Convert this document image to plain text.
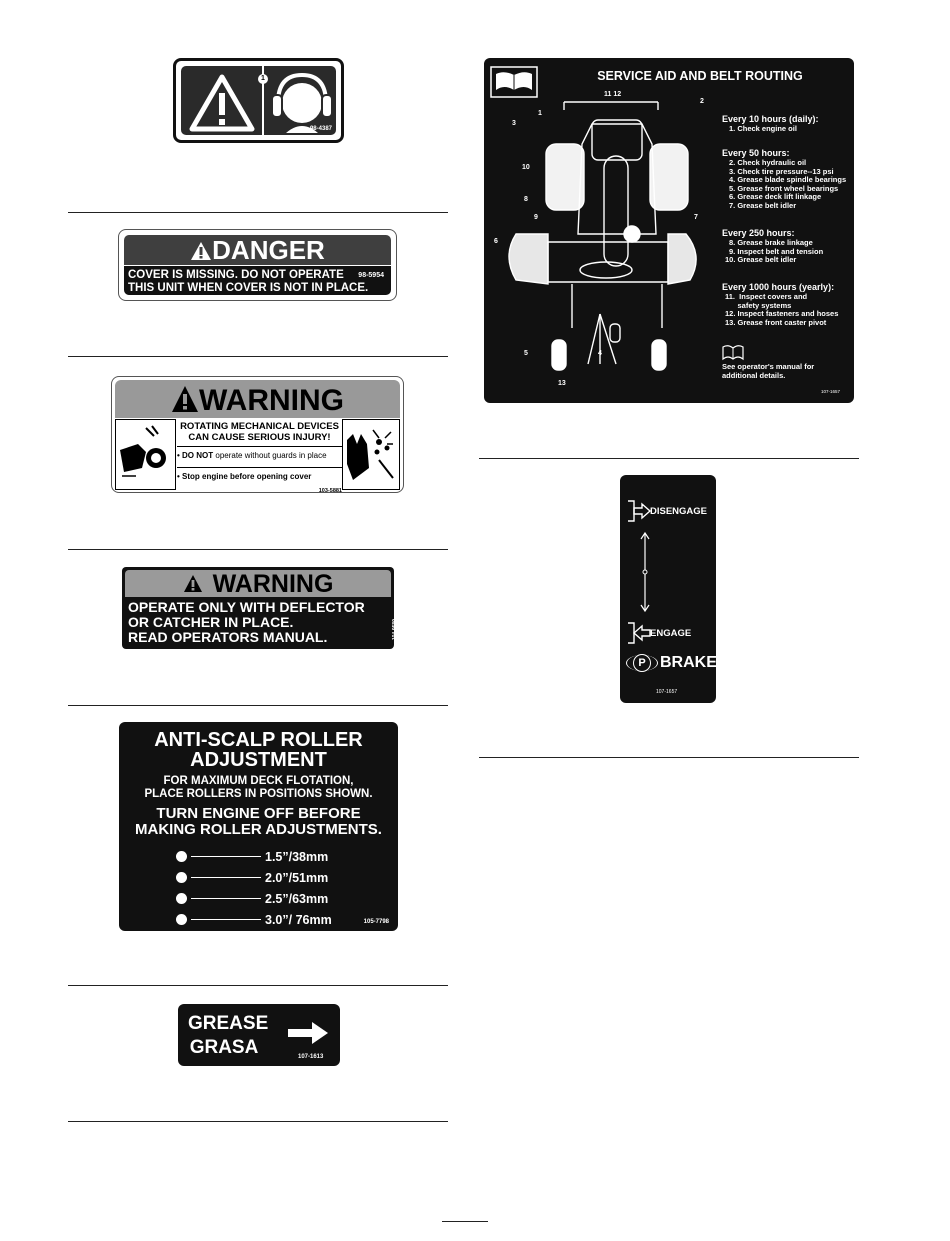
1
98-4387
DANGER
COVER IS MISSING. DO NOT OPERATE
THIS UNIT WHEN COVER IS NOT IN PLACE.
98-5954
WARNING
ROTATING MECHANICAL DEVICES
CAN CAUSE SERIOUS INJURY!
• DO NOT operate without guards in place
• Stop engine before opening cover
103-5881
WARNING
OPERATE ONLY WITH DEFLECTOR
OR CATCHER IN PLACE.
READ OPERATORS MANUAL.	104-9589
ANTI-SCALP ROLLER
ADJUSTMENT
FOR MAXIMUM DECK FLOTATION,
PLACE ROLLERS IN POSITIONS SHOWN.
TURN ENGINE OFF BEFORE
MAKING ROLLER ADJUSTMENTS.
1.5”/38mm
2.0”/51mm
2.5”/63mm
3.0”/ 76mm	105-7798
GREASE
GRASA	107-1613
SERVICE AID AND BELT ROUTING
11 12
1
2
3
10
8
9	7
6
5	4
13
Every 10 hours (daily):
1. Check engine oil
Every 50 hours:
2. Check hydraulic oil
3. Check tire pressure--13 psi
4. Grease blade spindle bearings
5. Grease front wheel bearings
6. Grease deck lift linkage
7. Grease belt idler
Every 250 hours:
8. Grease brake linkage
9. Inspect belt and tension
10. Grease belt idler
Every 1000 hours (yearly):
11.  Inspect covers and
safety systems
12. Inspect fasteners and hoses
13. Grease front caster pivot
See operator's manual for
additional details.
107-1657
DISENGAGE
ENGAGE
P BRAKE
107-1657
